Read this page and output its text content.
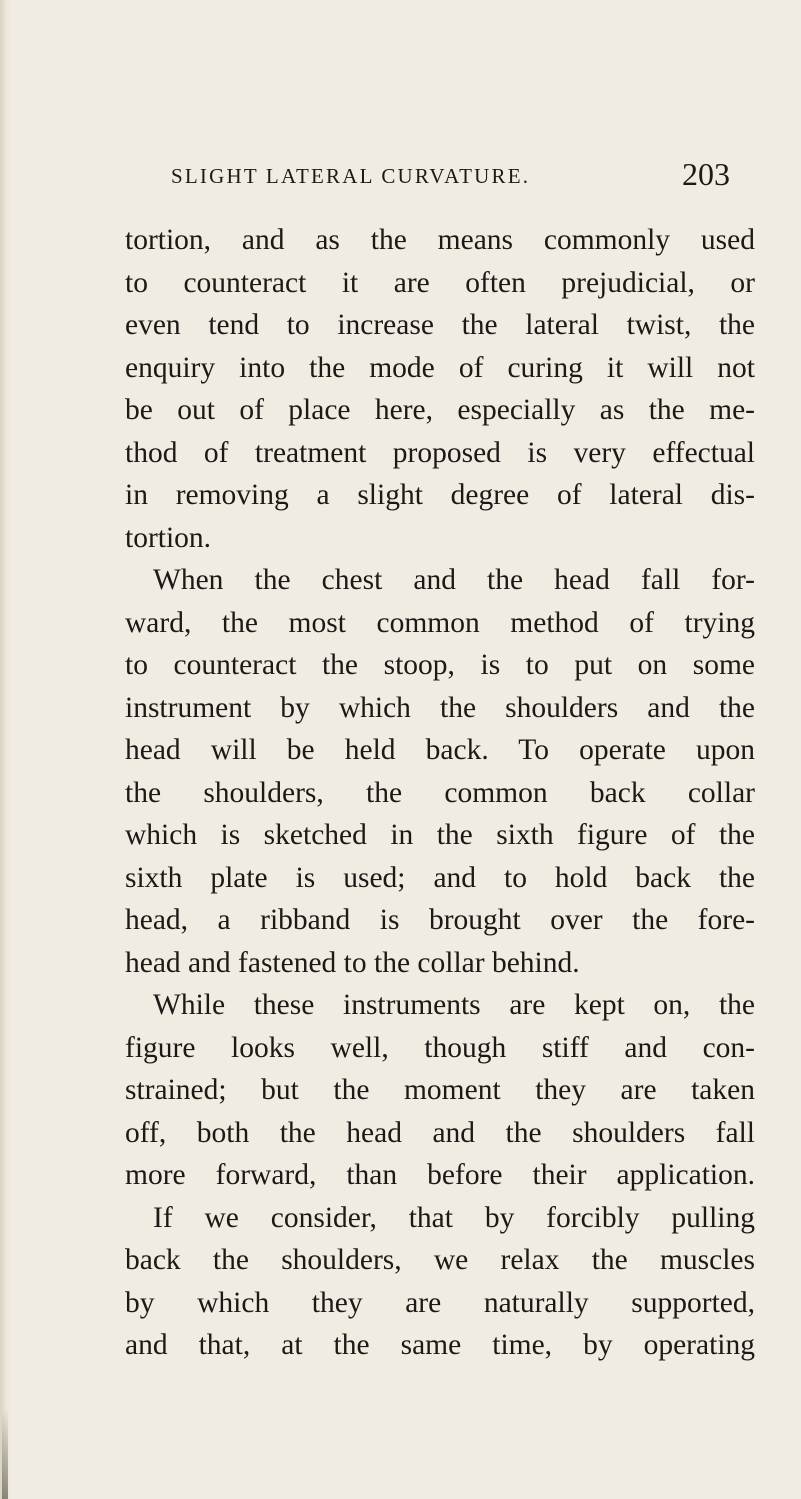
SLIGHT LATERAL CURVATURE.	203
tortion, and as the means commonly used
to counteract it are often prejudicial, or
even tend to increase the lateral twist, the
enquiry into the mode of curing it will not
be out of place here, especially as the me-
thod of treatment proposed is very effectual
in removing a slight degree of lateral dis-
tortion.
When the chest and the head fall for-
ward, the most common method of trying
to counteract the stoop, is to put on some
instrument by which the shoulders and the
head will be held back. To operate upon
the shoulders, the common back collar
which is sketched in the sixth figure of the
sixth plate is used; and to hold back the
head, a ribband is brought over the fore-
head and fastened to the collar behind.
While these instruments are kept on, the
figure looks well, though stiff and con-
strained; but the moment they are taken
off, both the head and the shoulders fall
more forward, than before their application.
If we consider, that by forcibly pulling
back the shoulders, we relax the muscles
by which they are naturally supported,
and that, at the same time, by operating
